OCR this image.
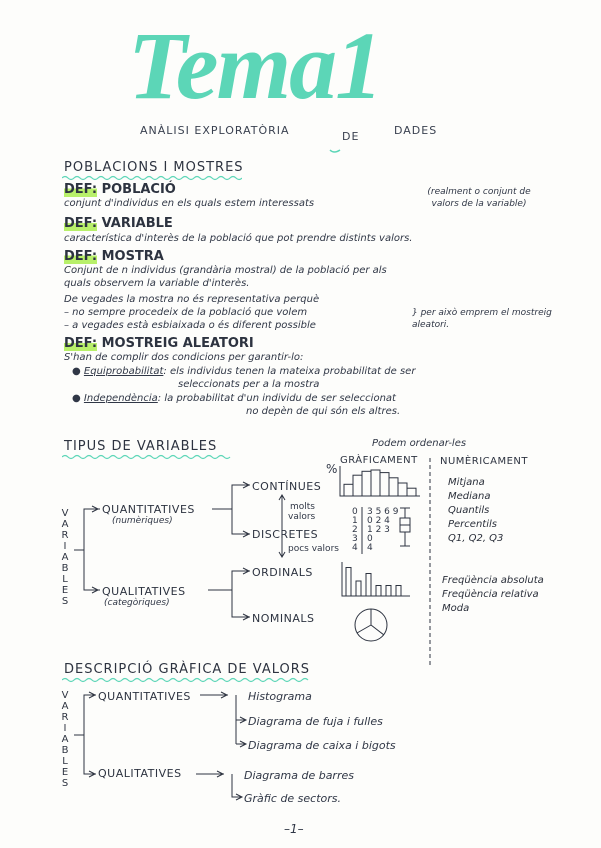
Tema1
ANÀLISI EXPLORATÒRIA	DE	DADES
POBLACIONS I MOSTRES
DEF: POBLACIÓ
conjunt d'individus en els quals estem interessats
(realment o conjunt de valors de la variable)
DEF: VARIABLE
característica d'interès de la població que pot prendre distints valors.
DEF: MOSTRA
Conjunt de n individus (grandària mostral) de la població per als
quals observem la variable d'interès.
De vegades la mostra no és representativa perquè
– no sempre procedeix de la població que volem
– a vegades està esbiaixada o és diferent possible
} per això emprem el mostreig aleatori.
DEF: MOSTREIG ALEATORI
S'han de complir dos condicions per garantir-lo:
● Equiprobabilitat: els individus tenen la mateixa probabilitat de ser
seleccionats per a la mostra
● Independència: la probabilitat d'un individu de ser seleccionat
no depèn de qui són els altres.
TIPUS DE VARIABLES	Podem ordenar-les
GRÀFICAMENT NUMÈRICAMENT
V
A
R
I
A
B
L
E
S
QUANTITATIVES
(numèriques)
QUALITATIVES
(categòriques)
CONTÍNUES
DISCRETES
ORDINALS
NOMINALS
molts
valors
pocs valors
%
0
1
2
3
4
3 5 6 9
0 2 4
1 2 3
0
4
Mitjana
Mediana
Quantils
Percentils
Q1, Q2, Q3
Freqüència absoluta
Freqüència relativa
Moda
DESCRIPCIÓ GRÀFICA DE VALORS
V
A
R
I
A
B
L
E
S
QUANTITATIVES
QUALITATIVES
Histograma
Diagrama de fuja i fulles
Diagrama de caixa i bigots
Diagrama de barres
Gràfic de sectors.
–1–
